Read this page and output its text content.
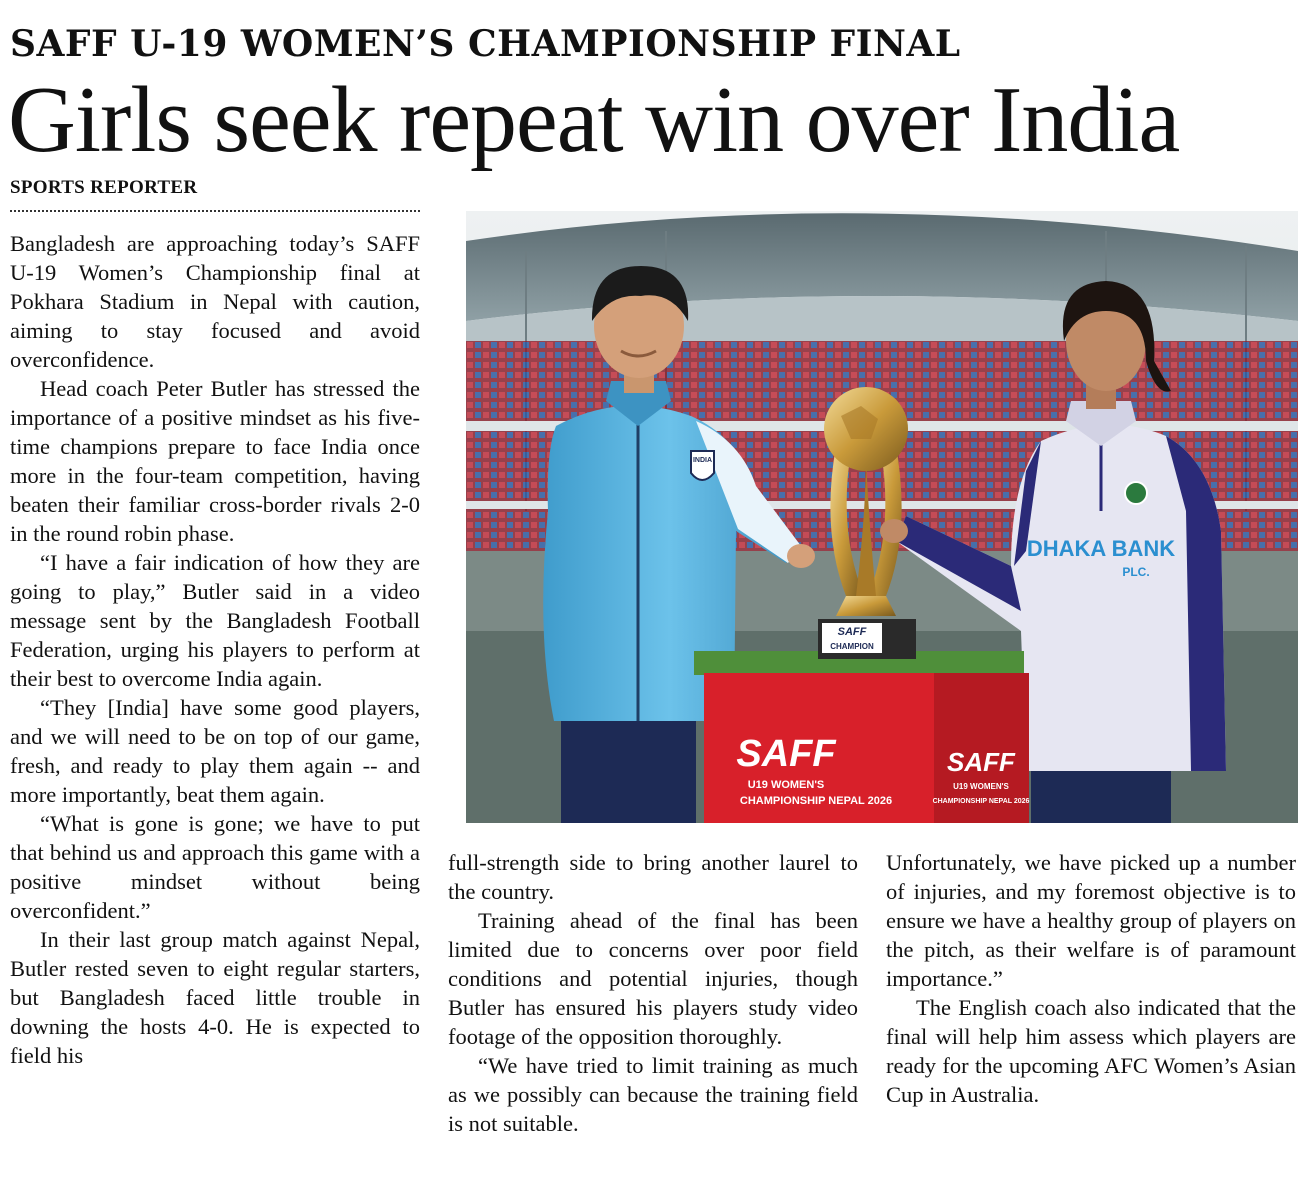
SAFF U-19 WOMEN’S CHAMPIONSHIP FINAL
Girls seek repeat win over India
SPORTS REPORTER

Bangladesh are approaching today’s SAFF U-19 Women’s Championship final at Pokhara Stadium in Nepal with caution, aiming to stay focused and avoid overconfidence.

Head coach Peter Butler has stressed the importance of a positive mindset as his five-time champions prepare to face India once more in the four-team competition, having beaten their familiar cross-border rivals 2-0 in the round robin phase.

“I have a fair indication of how they are going to play,” Butler said in a video message sent by the Bangladesh Football Federation, urging his players to perform at their best to overcome India again.

“They [India] have some good players, and we will need to be on top of our game, fresh, and ready to play them again -- and more importantly, beat them again.

“What is gone is gone; we have to put that behind us and approach this game with a positive mindset without being overconfident.”

In their last group match against Nepal, Butler rested seven to eight regular starters, but Bangladesh faced little trouble in downing the hosts 4-0. He is expected to field his

full-strength side to bring another laurel to the country.

Training ahead of the final has been limited due to concerns over poor field conditions and potential injuries, though Butler has ensured his players study video footage of the opposition thoroughly.

“We have tried to limit training as much as we possibly can because the training field is not suitable.

Unfortunately, we have picked up a number of injuries, and my foremost objective is to ensure we have a healthy group of players on the pitch, as their welfare is of paramount importance.”

The English coach also indicated that the final will help him assess which players are ready for the upcoming AFC Women’s Asian Cup in Australia.

INDIA
DHAKA BANK
PLC.
SAFF
U19 WOMEN'S
CHAMPIONSHIP NEPAL 2026
SAFF
U19 WOMEN'S
CHAMPIONSHIP NEPAL 2026
SAFF
CHAMPION
